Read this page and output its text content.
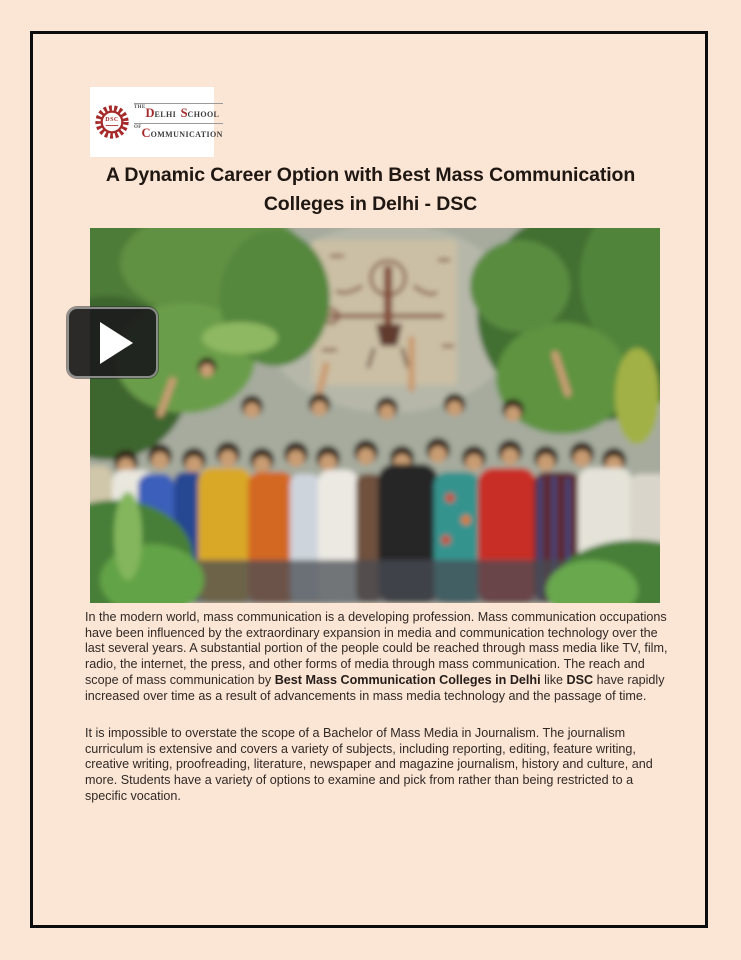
DSC
$^{THE}$DELHI SCHOOL
$^{OF}$COMMUNICATION
A Dynamic Career Option with Best Mass Communication
Colleges in Delhi - DSC

In the modern world, mass communication is a developing profession. Mass communication occupations have been influenced by the extraordinary expansion in media and communication technology over the last several years. A substantial portion of the people could be reached through mass media like TV, film, radio, the internet, the press, and other forms of media through mass communication. The reach and scope of mass communication by Best Mass Communication Colleges in Delhi like DSC have rapidly increased over time as a result of advancements in mass media technology and the passage of time.

It is impossible to overstate the scope of a Bachelor of Mass Media in Journalism. The journalism curriculum is extensive and covers a variety of subjects, including reporting, editing, feature writing, creative writing, proofreading, literature, newspaper and magazine journalism, history and culture, and more. Students have a variety of options to examine and pick from rather than being restricted to a specific vocation.
